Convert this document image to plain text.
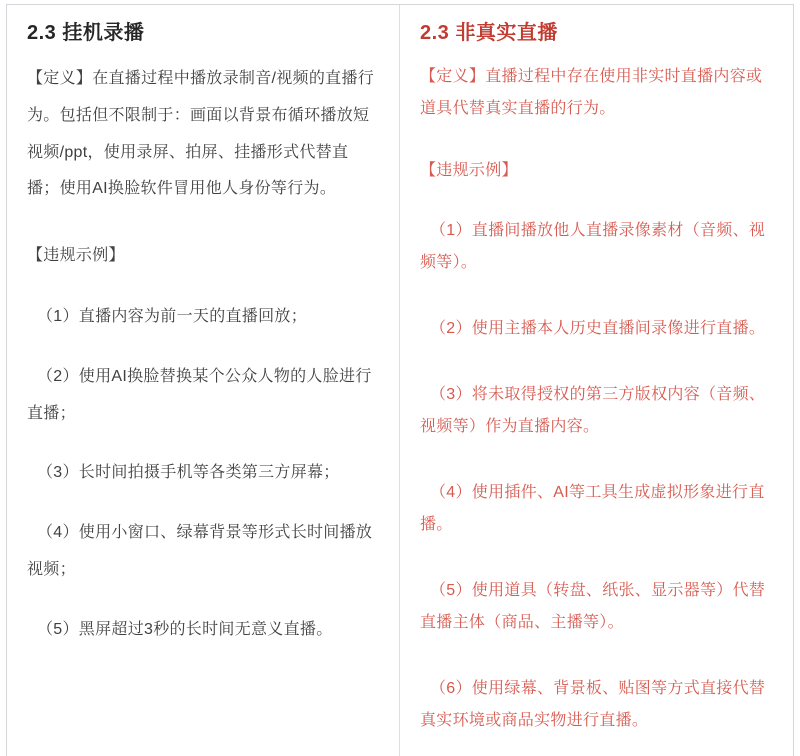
2.3 挂机录播

【定义】在直播过程中播放录制音/视频的直播行为。包括但不限制于：画面以背景布循环播放短视频/ppt，使用录屏、拍屏、挂播形式代替直播；使用AI换脸软件冒用他人身份等行为。

【违规示例】

（1）直播内容为前一天的直播回放；

（2）使用AI换脸替换某个公众人物的人脸进行直播；

（3）长时间拍摄手机等各类第三方屏幕；

（4）使用小窗口、绿幕背景等形式长时间播放视频；

（5）黑屏超过3秒的长时间无意义直播。

2.3 非真实直播

【定义】直播过程中存在使用非实时直播内容或道具代替真实直播的行为。

【违规示例】

（1）直播间播放他人直播录像素材（音频、视频等）。

（2）使用主播本人历史直播间录像进行直播。

（3）将未取得授权的第三方版权内容（音频、视频等）作为直播内容。

（4）使用插件、AI等工具生成虚拟形象进行直播。

（5）使用道具（转盘、纸张、显示器等）代替直播主体（商品、主播等）。

（6）使用绿幕、背景板、贴图等方式直接代替真实环境或商品实物进行直播。
